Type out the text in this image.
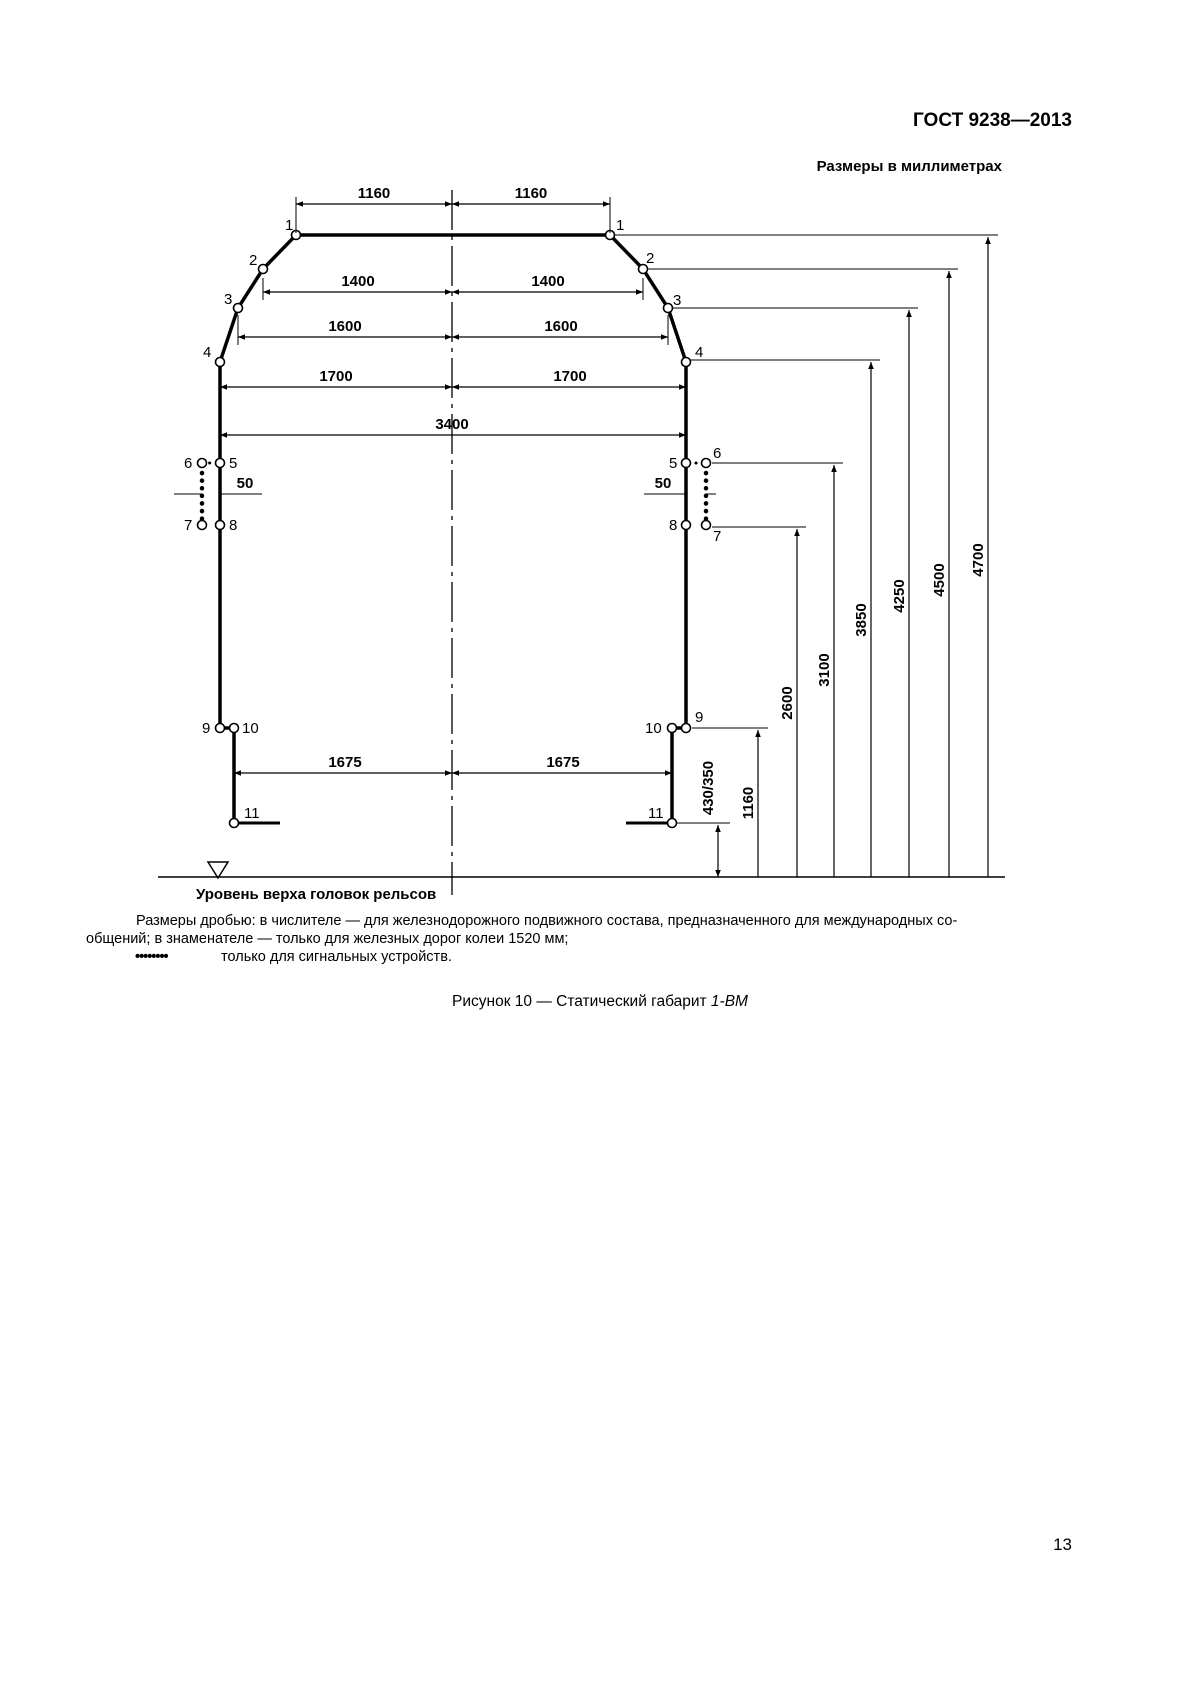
ГОСТ 9238—2013
Размеры в миллиметрах
Уровень верха головок рельсов
1	1
2	2
3	3
4	4
6 5	5
6
7 8	8
7
9 10	10
9
11	11
1160	1160
1400	1400
1600	1600
1700	1700
3400
50	50
1675	1675
4700
4500
4250
3850
3100
2600
1160
430/350
Размеры дробью: в числителе — для железнодорожного подвижного состава, предназначенного для международных со-
общений; в знаменателе — только для железных дорог колеи 1520 мм;
••••••••	только для сигнальных устройств.
Рисунок 10 — Статический габарит 1-ВМ
13
